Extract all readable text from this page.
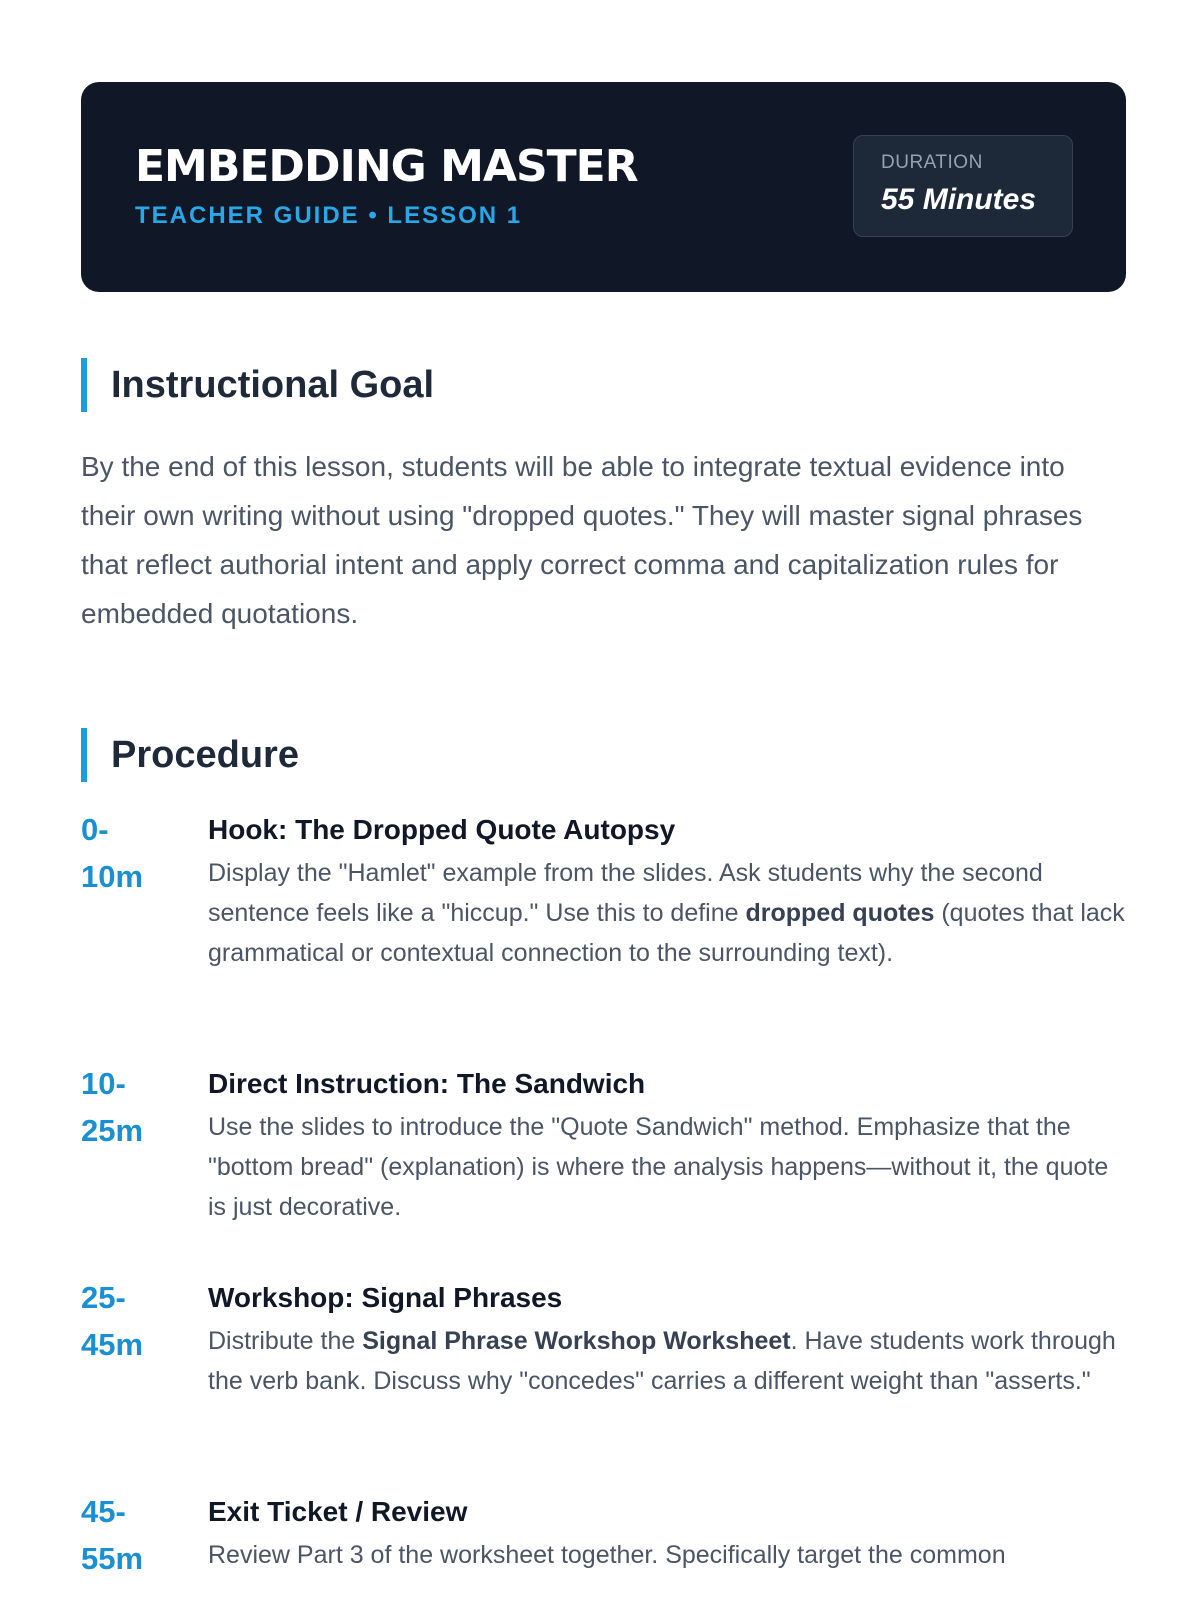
EMBEDDING MASTER
TEACHER GUIDE • LESSON 1
DURATION
55 Minutes
Instructional Goal

By the end of this lesson, students will be able to integrate textual evidence into their own writing without using "dropped quotes." They will master signal phrases that reflect authorial intent and apply correct comma and capitalization rules for embedded quotations.

Procedure
0-
10m
Hook: The Dropped Quote Autopsy

Display the "Hamlet" example from the slides. Ask students why the second sentence feels like a "hiccup." Use this to define dropped quotes (quotes that lack grammatical or contextual connection to the surrounding text).

10-
25m
Direct Instruction: The Sandwich

Use the slides to introduce the "Quote Sandwich" method. Emphasize that the "bottom bread" (explanation) is where the analysis happens—without it, the quote is just decorative.

25-
45m
Workshop: Signal Phrases

Distribute the Signal Phrase Workshop Worksheet. Have students work through the verb bank. Discuss why "concedes" carries a different weight than "asserts."

45-
55m
Exit Ticket / Review

Review Part 3 of the worksheet together. Specifically target the common
